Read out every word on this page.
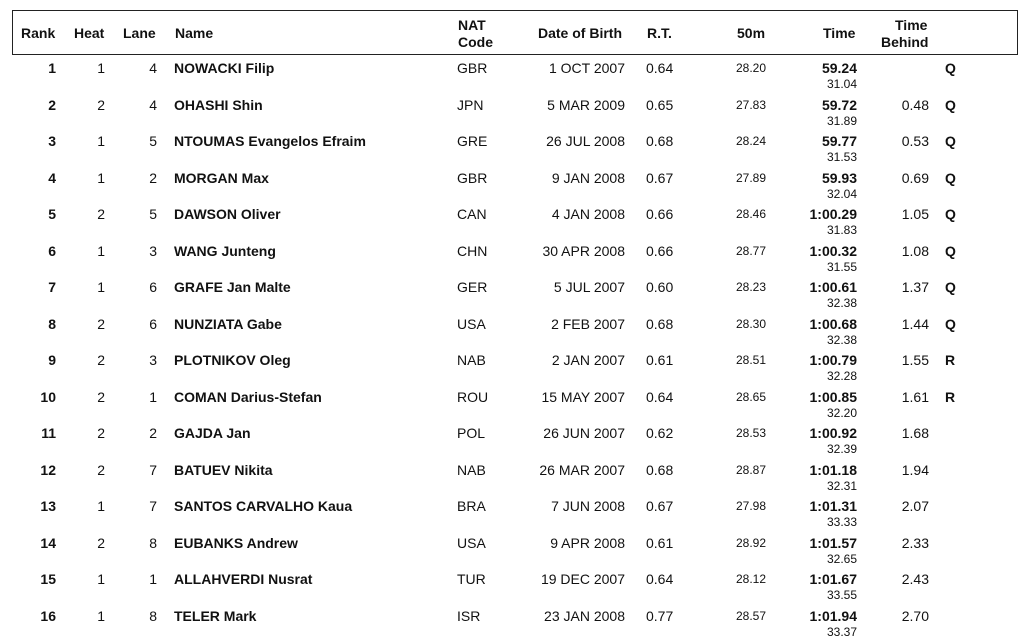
Rank Heat Lane Name	NAT
Code
Date of Birth R.T.	50m	Time	Time
Behind
1	1	4 NOWACKI Filip	GBR	1 OCT 2007 0.64	28.20	59.24
31.04
Q
2	2	4 OHASHI Shin	JPN	5 MAR 2009 0.65	27.83	59.72
31.89
0.48 Q
3	1	5 NTOUMAS Evangelos Efraim	GRE	26 JUL 2008 0.68	28.24	59.77
31.53
0.53 Q
4	1	2 MORGAN Max	GBR	9 JAN 2008 0.67	27.89	59.93
32.04
0.69 Q
5	2	5 DAWSON Oliver	CAN	4 JAN 2008 0.66	28.46	1:00.29
31.83
1.05 Q
6	1	3 WANG Junteng	CHN	30 APR 2008 0.66	28.77	1:00.32
31.55
1.08 Q
7	1	6 GRAFE Jan Malte	GER	5 JUL 2007 0.60	28.23	1:00.61
32.38
1.37 Q
8	2	6 NUNZIATA Gabe	USA	2 FEB 2007 0.68	28.30	1:00.68
32.38
1.44 Q
9	2	3 PLOTNIKOV Oleg	NAB	2 JAN 2007 0.61	28.51	1:00.79
32.28
1.55 R
10	2	1 COMAN Darius-Stefan	ROU	15 MAY 2007 0.64	28.65	1:00.85
32.20
1.61 R
11	2	2 GAJDA Jan	POL	26 JUN 2007 0.62	28.53	1:00.92
32.39
1.68
12	2	7 BATUEV Nikita	NAB	26 MAR 2007 0.68	28.87	1:01.18
32.31
1.94
13	1	7 SANTOS CARVALHO Kaua	BRA	7 JUN 2008 0.67	27.98	1:01.31
33.33
2.07
14	2	8 EUBANKS Andrew	USA	9 APR 2008 0.61	28.92	1:01.57
32.65
2.33
15	1	1 ALLAHVERDI Nusrat	TUR	19 DEC 2007 0.64	28.12	1:01.67
33.55
2.43
16	1	8 TELER Mark	ISR	23 JAN 2008 0.77	28.57	1:01.94
33.37
2.70
